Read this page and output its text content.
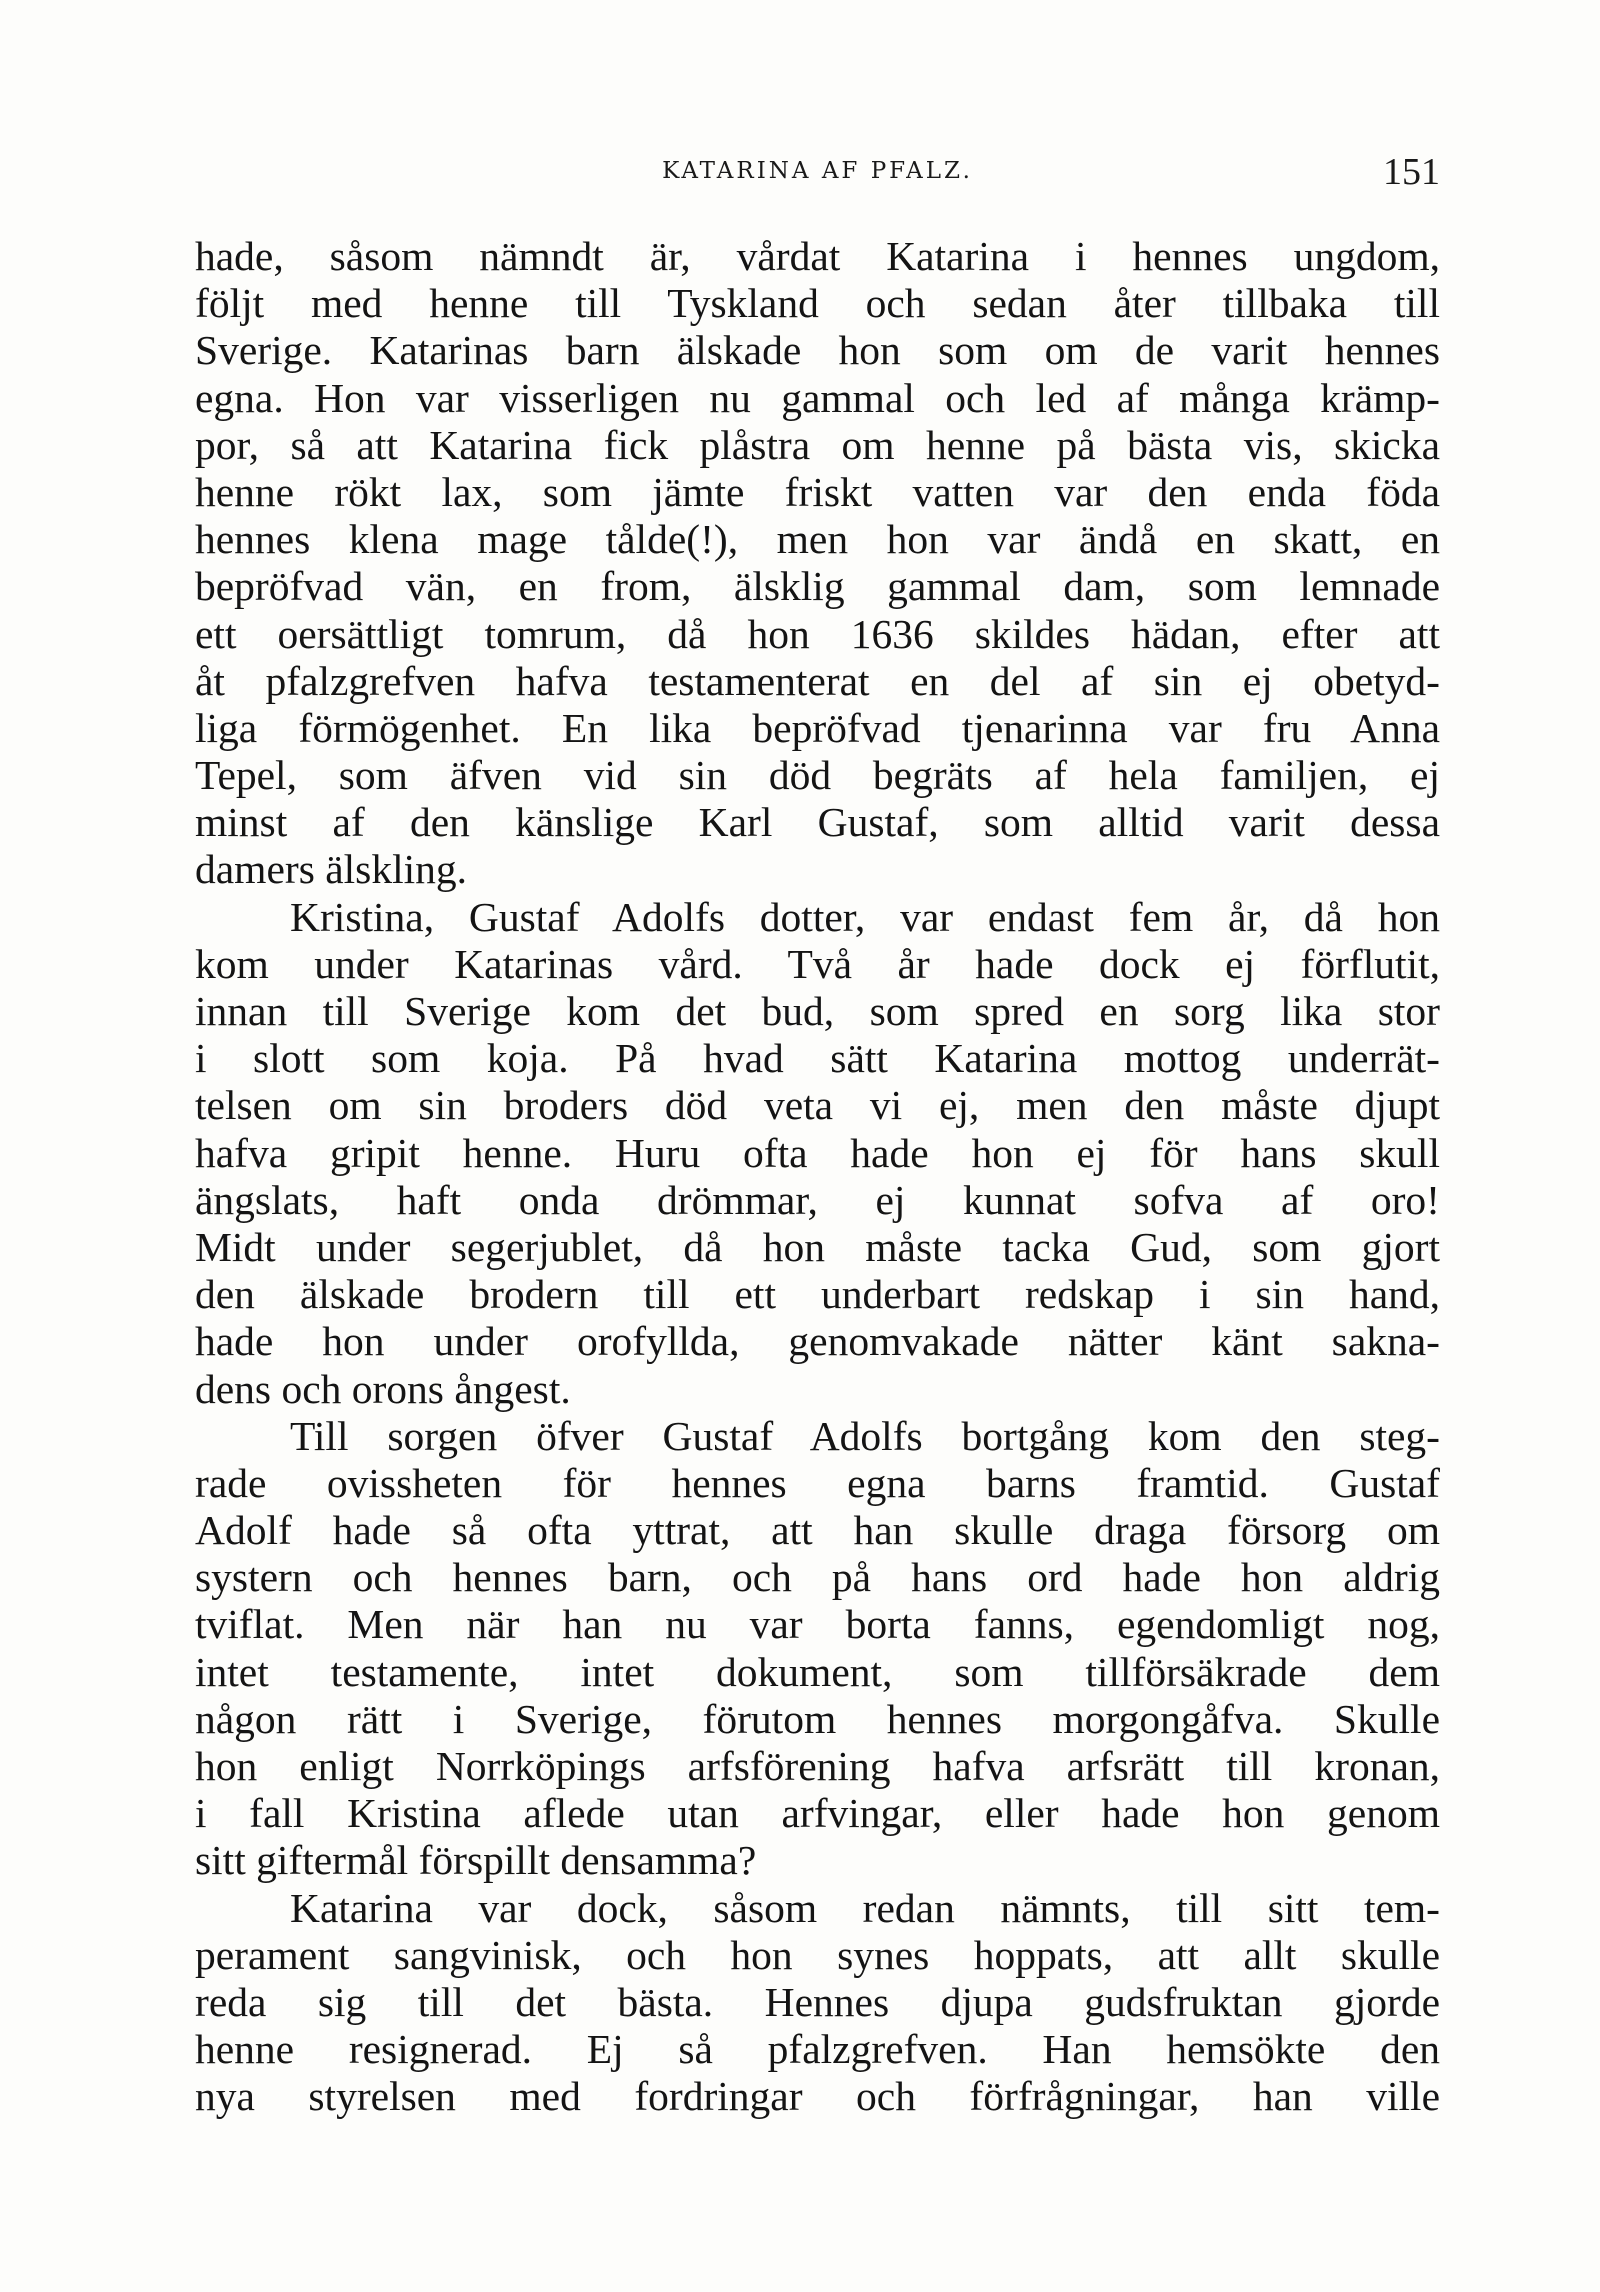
KATARINA AF PFALZ.	151
hade, såsom nämndt är, vårdat Katarina i hennes ungdom,
följt med henne till Tyskland och sedan åter tillbaka till
Sverige. Katarinas barn älskade hon som om de varit hennes
egna. Hon var visserligen nu gammal och led af många krämp-
por, så att Katarina fick plåstra om henne på bästa vis, skicka
henne rökt lax, som jämte friskt vatten var den enda föda
hennes klena mage tålde(!), men hon var ändå en skatt, en
bepröfvad vän, en from, älsklig gammal dam, som lemnade
ett oersättligt tomrum, då hon 1636 skildes hädan, efter att
åt pfalzgrefven hafva testamenterat en del af sin ej obetyd-
liga förmögenhet. En lika bepröfvad tjenarinna var fru Anna
Tepel, som äfven vid sin död begräts af hela familjen, ej
minst af den känslige Karl Gustaf, som alltid varit dessa
damers älskling.
Kristina, Gustaf Adolfs dotter, var endast fem år, då hon
kom under Katarinas vård. Två år hade dock ej förflutit,
innan till Sverige kom det bud, som spred en sorg lika stor
i slott som koja. På hvad sätt Katarina mottog underrät-
telsen om sin broders död veta vi ej, men den måste djupt
hafva gripit henne. Huru ofta hade hon ej för hans skull
ängslats, haft onda drömmar, ej kunnat sofva af oro!
Midt under segerjublet, då hon måste tacka Gud, som gjort
den älskade brodern till ett underbart redskap i sin hand,
hade hon under orofyllda, genomvakade nätter känt sakna-
dens och orons ångest.
Till sorgen öfver Gustaf Adolfs bortgång kom den steg-
rade ovissheten för hennes egna barns framtid. Gustaf
Adolf hade så ofta yttrat, att han skulle draga försorg om
systern och hennes barn, och på hans ord hade hon aldrig
tviflat. Men när han nu var borta fanns, egendomligt nog,
intet testamente, intet dokument, som tillförsäkrade dem
någon rätt i Sverige, förutom hennes morgongåfva. Skulle
hon enligt Norrköpings arfsförening hafva arfsrätt till kronan,
i fall Kristina aflede utan arfvingar, eller hade hon genom
sitt giftermål förspillt densamma?
Katarina var dock, såsom redan nämnts, till sitt tem-
perament sangvinisk, och hon synes hoppats, att allt skulle
reda sig till det bästa. Hennes djupa gudsfruktan gjorde
henne resignerad. Ej så pfalzgrefven. Han hemsökte den
nya styrelsen med fordringar och förfrågningar, han ville
